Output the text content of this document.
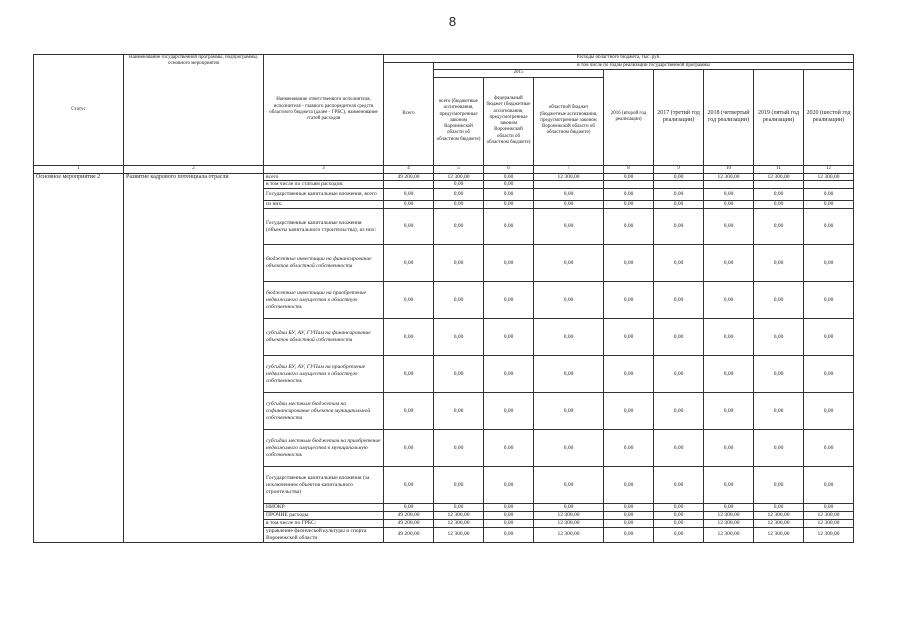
8
Статус	Наименование государственной программы, подпрограммы, основного мероприятия	Наименование ответственного исполнителя, исполнителя - главного распорядителя средств областного бюджета (далее - ГРБС), наименование статей расходов	Расходы областного бюджета, тыс. руб.								
			Всего	в том числе по годам реализации государственной программы							
				2015			2016 (второй год реализации)	2017 (третий год реализации)	2018 (четвертый год реализации)	2019 (пятый год реализации)	2020 (шестой год реализации)
				всего (бюджетные ассигнования, предусмотренные законом Воронежской области об областном бюджете)	федеральный бюджет (бюджетные ассигнования, предусмотренные законом Воронежской области об областном бюджете)	областной бюджет (бюджетные ассигнования, предусмотренные законом Воронежской области об областном бюджете)					
1	2	3	4	5	6	7	8	9	10	11	12
Основное мероприятие 2	Развитие кадрового потенциала отрасли	всего	49 200,00	12 300,00	0,00	12 300,00	0,00	0,00	12 300,00	12 300,00	12 300,00
		в том числе по статьям расходов:		0,00	0,00						
		Государственные капитальные вложения, всего	0,00	0,00	0,00	0,00	0,00	0,00	0,00	0,00	0,00
		из них:	0,00	0,00	0,00	0,00	0,00	0,00	0,00	0,00	0,00
		Государственные капитальные вложения (объекты капитального строительства), из них:	0,00	0,00	0,00	0,00	0,00	0,00	0,00	0,00	0,00
		бюджетные инвестиции на финансирование объектов областной собственности	0,00	0,00	0,00	0,00	0,00	0,00	0,00	0,00	0,00
		бюджетные инвестиции на приобретение недвижимого имущества в областную собственность	0,00	0,00	0,00	0,00	0,00	0,00	0,00	0,00	0,00
		субсидии БУ, АУ, ГУПам на финансирование объектов областной собственности	0,00	0,00	0,00	0,00	0,00	0,00	0,00	0,00	0,00
		субсидии БУ, АУ, ГУПам на приобретение недвижимого имущества в областную собственность	0,00	0,00	0,00	0,00	0,00	0,00	0,00	0,00	0,00
		субсидии местным бюджетам на софинансирование объектов муниципальной собственности	0,00	0,00	0,00	0,00	0,00	0,00	0,00	0,00	0,00
		субсидии местным бюджетам на приобретение недвижимого имущества в муниципальную собственность	0,00	0,00	0,00	0,00	0,00	0,00	0,00	0,00	0,00
		Государственные капитальные вложения (за исключением объектов капитального строительства)	0,00	0,00	0,00	0,00	0,00	0,00	0,00	0,00	0,00
		НИОКР	0,00	0,00	0,00	0,00	0,00	0,00	0,00	0,00	0,00
		ПРОЧИЕ расходы	49 200,00	12 300,00	0,00	12 300,00	0,00	0,00	12 300,00	12 300,00	12 300,00
		в том числе по ГРБС:	49 200,00	12 300,00	0,00	12 300,00	0,00	0,00	12 300,00	12 300,00	12 300,00
		управление физической культуры и спорта Воронежской области	49 200,00	12 300,00	0,00	12 300,00	0,00	0,00	12 300,00	12 300,00	12 300,00
